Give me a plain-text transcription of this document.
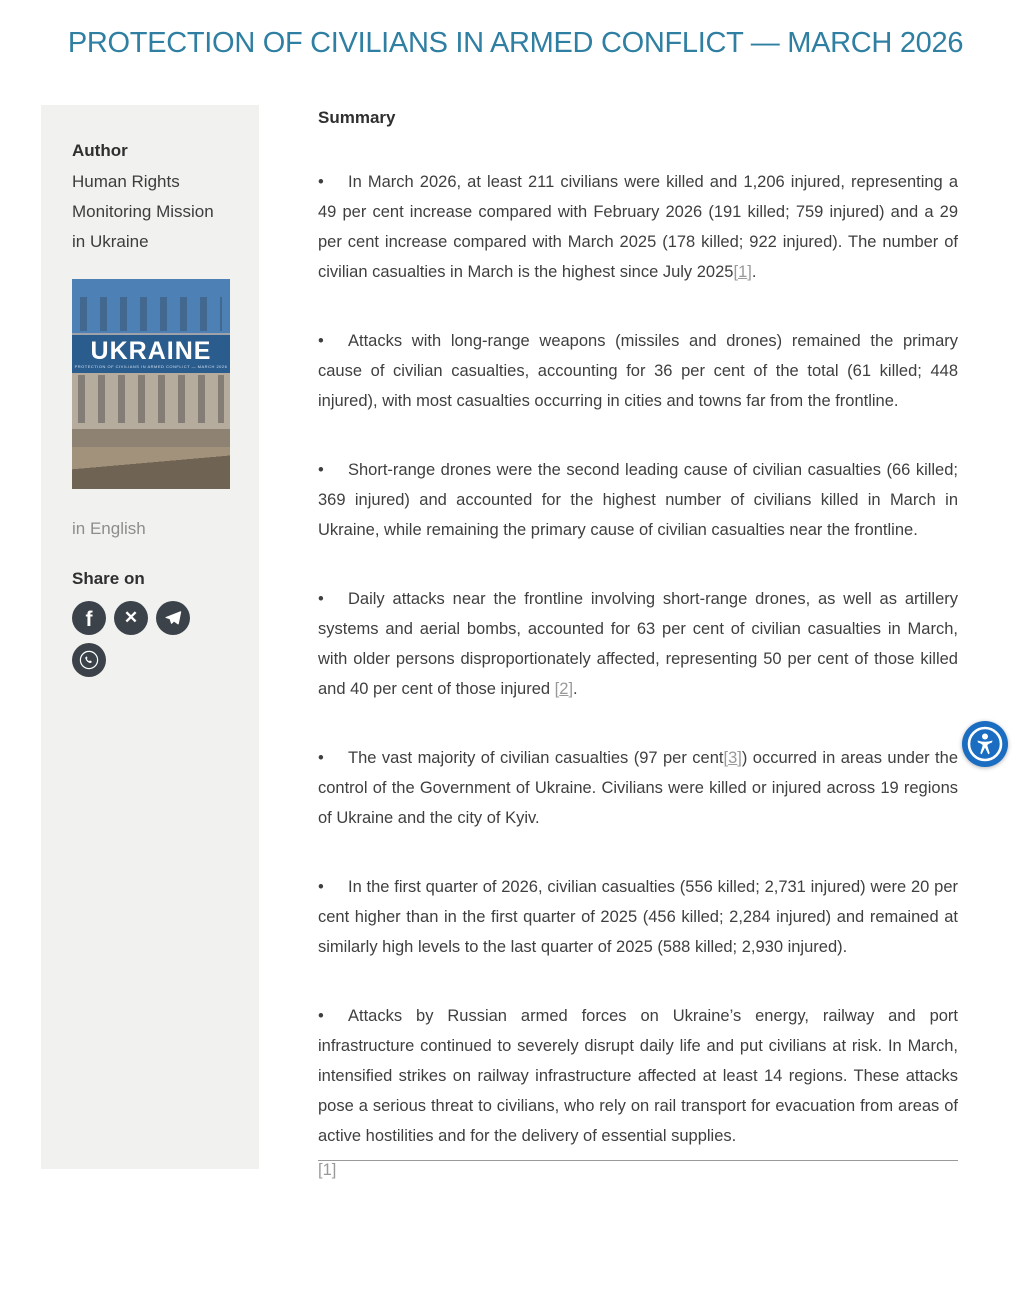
PROTECTION OF CIVILIANS IN ARMED CONFLICT — MARCH 2026
Author
Human Rights Monitoring Mission in Ukraine
UKRAINE
PROTECTION OF CIVILIANS IN ARMED CONFLICT — MARCH 2026
in English
Share on
f ✕
Summary

• In March 2026, at least 211 civilians were killed and 1,206 injured, representing a 49 per cent increase compared with February 2026 (191 killed; 759 injured) and a 29 per cent increase compared with March 2025 (178 killed; 922 injured). The number of civilian casualties in March is the highest since July 2025[1].

• Attacks with long-range weapons (missiles and drones) remained the primary cause of civilian casualties, accounting for 36 per cent of the total (61 killed; 448 injured), with most casualties occurring in cities and towns far from the frontline.

• Short-range drones were the second leading cause of civilian casualties (66 killed; 369 injured) and accounted for the highest number of civilians killed in March in Ukraine, while remaining the primary cause of civilian casualties near the frontline.

• Daily attacks near the frontline involving short-range drones, as well as artillery systems and aerial bombs, accounted for 63 per cent of civilian casualties in March, with older persons disproportionately affected, representing 50 per cent of those killed and 40 per cent of those injured [2].

• The vast majority of civilian casualties (97 per cent[3]) occurred in areas under the control of the Government of Ukraine. Civilians were killed or injured across 19 regions of Ukraine and the city of Kyiv.

• In the first quarter of 2026, civilian casualties (556 killed; 2,731 injured) were 20 per cent higher than in the first quarter of 2025 (456 killed; 2,284 injured) and remained at similarly high levels to the last quarter of 2025 (588 killed; 2,930 injured).

• Attacks by Russian armed forces on Ukraine’s energy, railway and port infrastructure continued to severely disrupt daily life and put civilians at risk. In March, intensified strikes on railway infrastructure affected at least 14 regions. These attacks pose a serious threat to civilians, who rely on rail transport for evacuation from areas of active hostilities and for the delivery of essential supplies.

[1]
